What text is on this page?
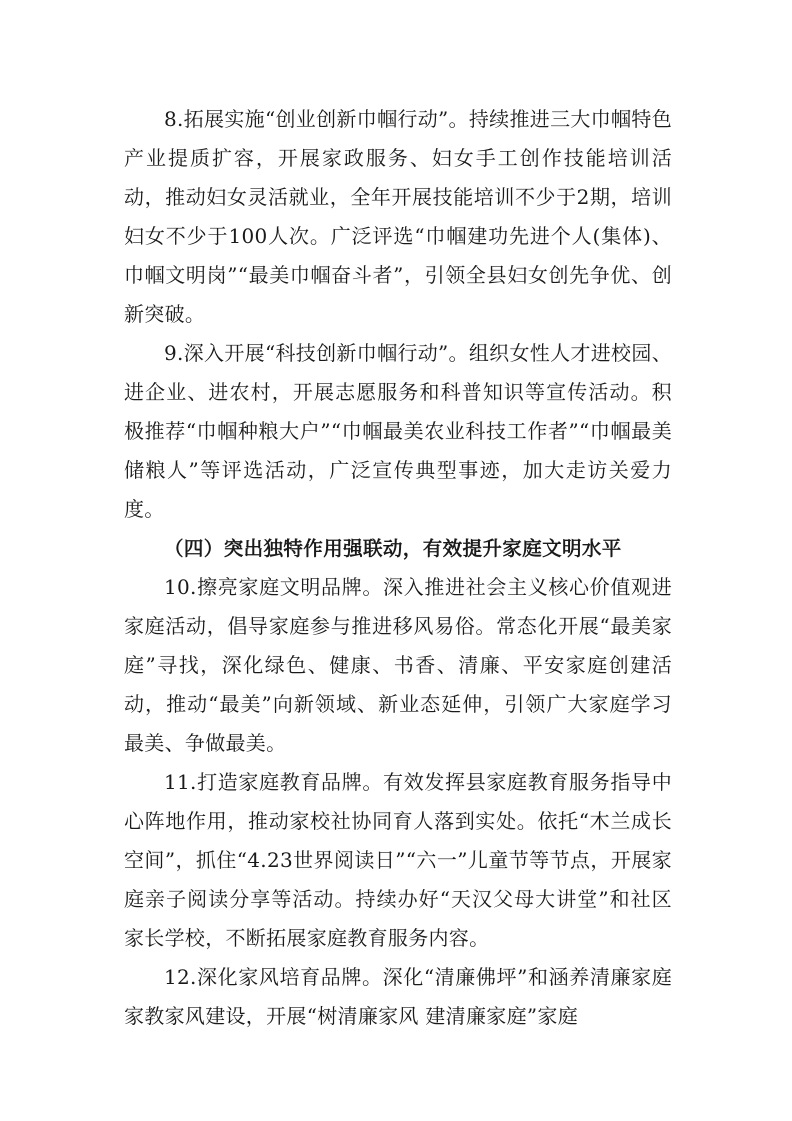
8.拓展实施“创业创新巾帼行动”。持续推进三大巾帼特色产业提质扩容，开展家政服务、妇女手工创作技能培训活动，推动妇女灵活就业，全年开展技能培训不少于2期，培训妇女不少于100人次。广泛评选“巾帼建功先进个人(集体)、巾帼文明岗”“最美巾帼奋斗者”，引领全县妇女创先争优、创新突破。

9.深入开展“科技创新巾帼行动”。组织女性人才进校园、进企业、进农村，开展志愿服务和科普知识等宣传活动。积极推荐“巾帼种粮大户”“巾帼最美农业科技工作者”“巾帼最美储粮人”等评选活动，广泛宣传典型事迹，加大走访关爱力度。

（四）突出独特作用强联动，有效提升家庭文明水平

10.擦亮家庭文明品牌。深入推进社会主义核心价值观进家庭活动，倡导家庭参与推进移风易俗。常态化开展“最美家庭”寻找，深化绿色、健康、书香、清廉、平安家庭创建活动，推动“最美”向新领域、新业态延伸，引领广大家庭学习最美、争做最美。

11.打造家庭教育品牌。有效发挥县家庭教育服务指导中心阵地作用，推动家校社协同育人落到实处。依托“木兰成长空间”，抓住“4.23世界阅读日”“六一”儿童节等节点，开展家庭亲子阅读分享等活动。持续办好“天汉父母大讲堂”和社区家长学校，不断拓展家庭教育服务内容。

12.深化家风培育品牌。深化“清廉佛坪”和涵养清廉家庭家教家风建设，开展“树清廉家风 建清廉家庭”家庭
